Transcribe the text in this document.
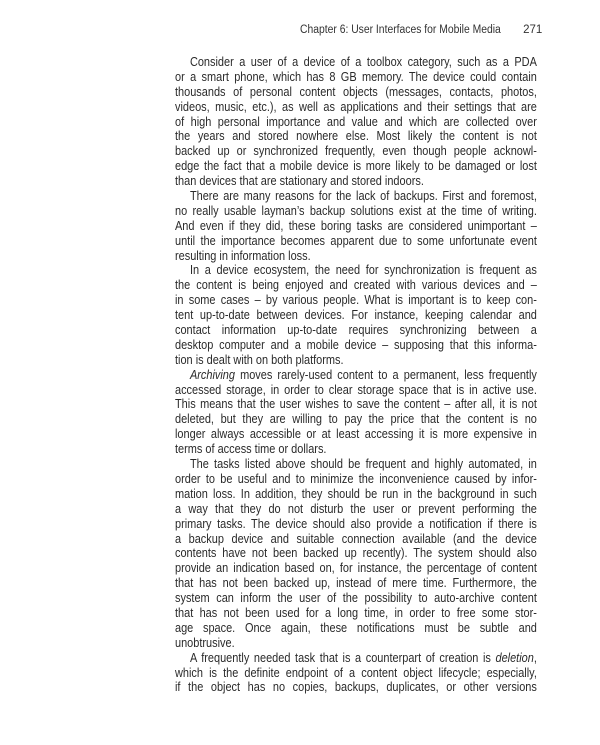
Chapter 6: User Interfaces for Mobile Media 271
Consider a user of a device of a toolbox category, such as a PDA
or a smart phone, which has 8 GB memory. The device could contain
thousands of personal content objects (messages, contacts, photos,
videos, music, etc.), as well as applications and their settings that are
of high personal importance and value and which are collected over
the years and stored nowhere else. Most likely the content is not
backed up or synchronized frequently, even though people acknowl-
edge the fact that a mobile device is more likely to be damaged or lost
than devices that are stationary and stored indoors.
There are many reasons for the lack of backups. First and foremost,
no really usable layman’s backup solutions exist at the time of writing.
And even if they did, these boring tasks are considered unimportant –
until the importance becomes apparent due to some unfortunate event
resulting in information loss.
In a device ecosystem, the need for synchronization is frequent as
the content is being enjoyed and created with various devices and –
in some cases – by various people. What is important is to keep con-
tent up-to-date between devices. For instance, keeping calendar and
contact information up-to-date requires synchronizing between a
desktop computer and a mobile device – supposing that this informa-
tion is dealt with on both platforms.
Archiving moves rarely-used content to a permanent, less frequently
accessed storage, in order to clear storage space that is in active use.
This means that the user wishes to save the content – after all, it is not
deleted, but they are willing to pay the price that the content is no
longer always accessible or at least accessing it is more expensive in
terms of access time or dollars.
The tasks listed above should be frequent and highly automated, in
order to be useful and to minimize the inconvenience caused by infor-
mation loss. In addition, they should be run in the background in such
a way that they do not disturb the user or prevent performing the
primary tasks. The device should also provide a notification if there is
a backup device and suitable connection available (and the device
contents have not been backed up recently). The system should also
provide an indication based on, for instance, the percentage of content
that has not been backed up, instead of mere time. Furthermore, the
system can inform the user of the possibility to auto-archive content
that has not been used for a long time, in order to free some stor-
age space. Once again, these notifications must be subtle and
unobtrusive.
A frequently needed task that is a counterpart of creation is deletion,
which is the definite endpoint of a content object lifecycle; especially,
if the object has no copies, backups, duplicates, or other versions
